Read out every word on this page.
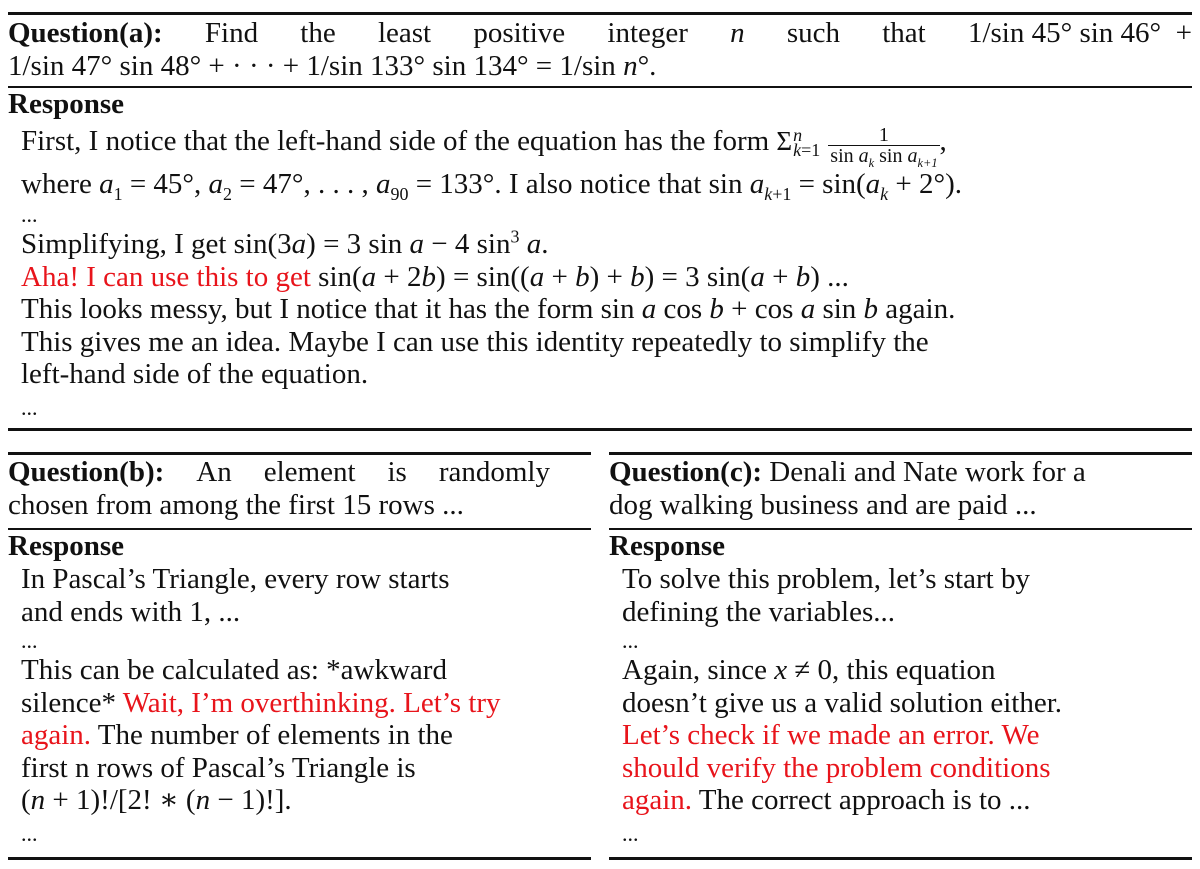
Question(a): Find the least positive integer n such that 1/sin 45° sin 46°  +
1/sin 47° sin 48° + · · · + 1/sin 133° sin 134° = 1/sin n°.
Response
First, I notice that the left-hand side of the equation has the form Σ n
$k=1 \frac{1}{\sin a_k \sin a_{k+1}}$ ,
where $a_1 = 45^\circ$, $a_2 = 47^\circ$, . . . , $a_{90} = 133^\circ$. I also notice that $\sin a_{k+1} = \sin(a_k + 2^\circ)$.
...
Simplifying, I get sin(3a) = 3 sin a − 4 $\sin^3 a$.
Aha! I can use this to get sin(a + 2b) = sin((a + b) + b) = 3 sin(a + b) ...
This looks messy, but I notice that it has the form sin a cos b + cos a sin b again.
This gives me an idea. Maybe I can use this identity repeatedly to simplify the
left-hand side of the equation.
...
Question(b): An element is randomly
chosen from among the first 15 rows ...
Response
In Pascal’s Triangle, every row starts
and ends with 1, ...
...
This can be calculated as: *awkward
silence* Wait, I’m overthinking. Let’s try
again. The number of elements in the
first n rows of Pascal’s Triangle is
(n + 1)!/[2! ∗ (n − 1)!].
...
Question(c): Denali and Nate work for a
dog walking business and are paid ...
Response
To solve this problem, let’s start by
defining the variables...
...
Again, since x ≠ 0, this equation
doesn’t give us a valid solution either.
Let’s check if we made an error. We
should verify the problem conditions
again. The correct approach is to ...
...
